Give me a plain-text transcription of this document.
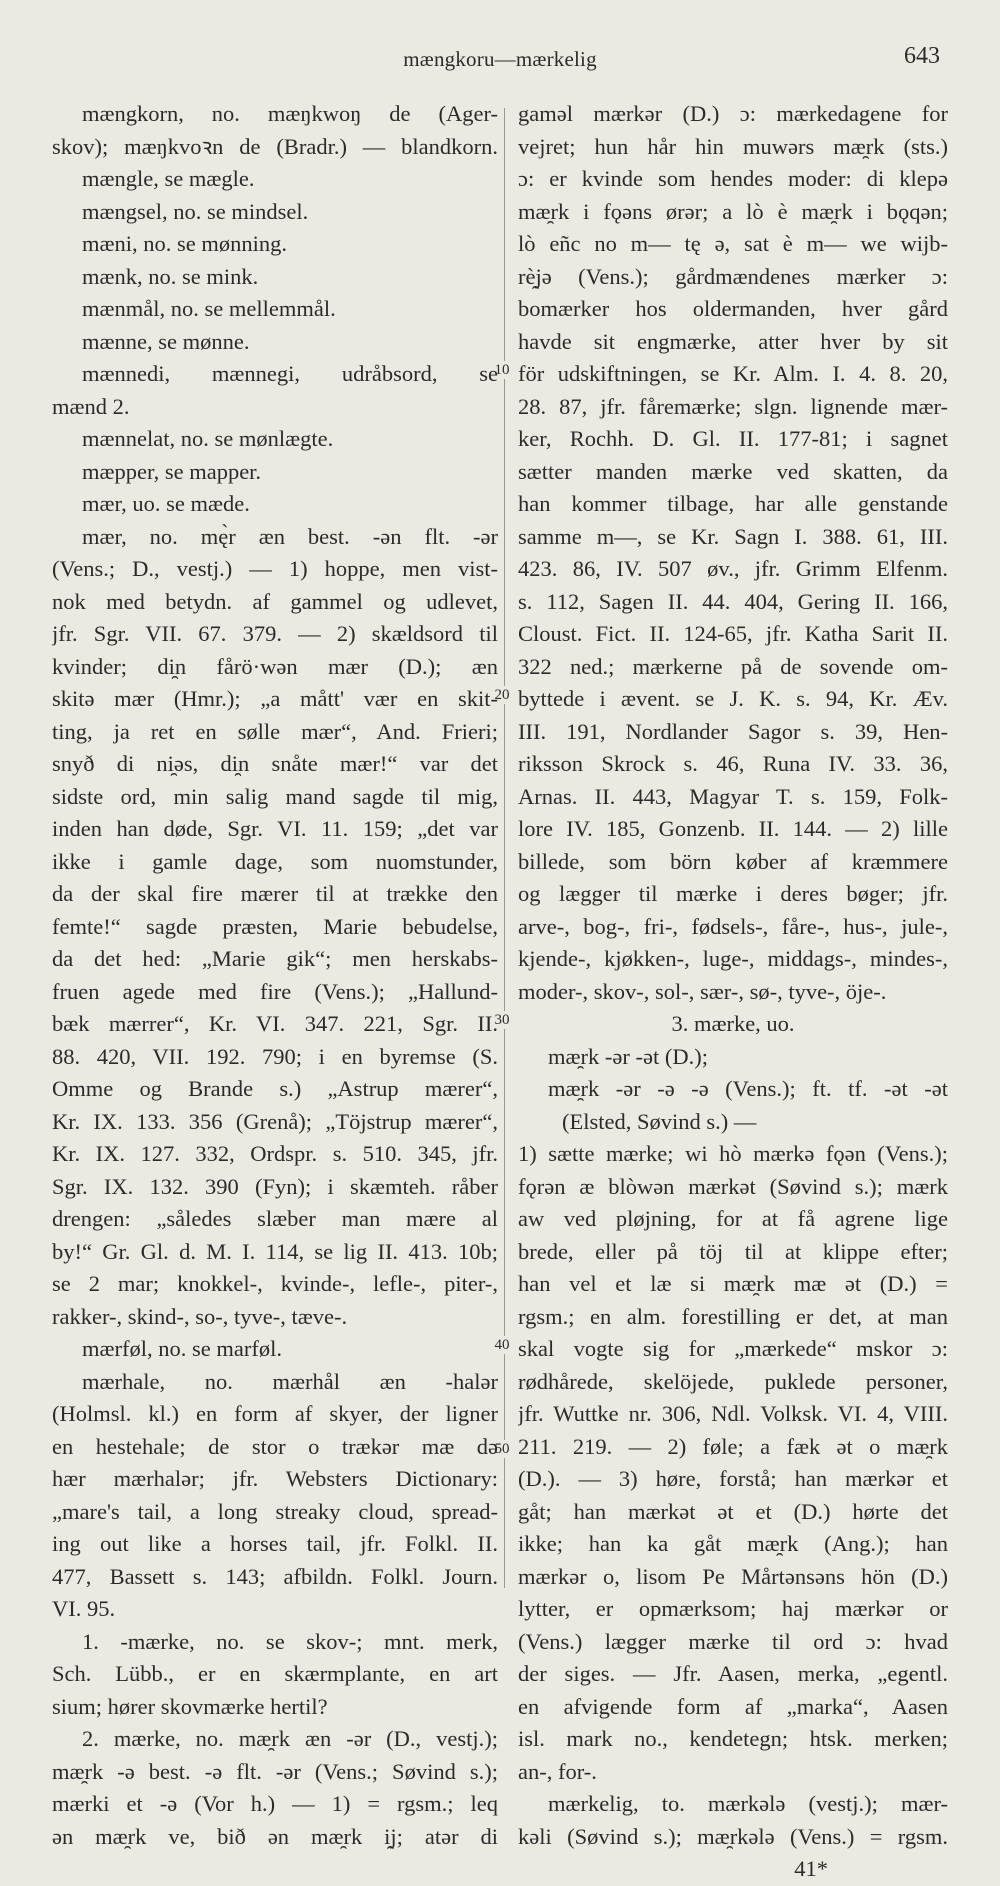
mængkoru—mærkelig	643
10
20
30
40
50
mængkorn, no. mæŋkwoŋ de (Ager-
skov); mæŋkvoꝛn de (Bradr.) — blandkorn.
mængle, se mægle.
mængsel, no. se mindsel.
mæni, no. se mønning.
mænk, no. se mink.
mænmål, no. se mellemmål.
mænne, se mønne.
mænnedi, mænnegi, udråbsord, se
mænd 2.
mænnelat, no. se mønlægte.
mæpper, se mapper.
mær, uo. se mæde.
mær, no. mę̀r æn best. -ən flt. -ər
(Vens.; D., vestj.) — 1) hoppe, men vist-
nok med betydn. af gammel og udlevet,
jfr. Sgr. VII. 67. 379. — 2) skældsord til
kvinder; di̯n fårö·wən mær (D.); æn
skitə mær (Hmr.); „a mått' vær en skit-
ting, ja ret en sølle mær“, And. Frieri;
snyð di ni̯əs, di̯n snåte mær!“ var det
sidste ord, min salig mand sagde til mig,
inden han døde, Sgr. VI. 11. 159; „det var
ikke i gamle dage, som nuomstunder,
da der skal fire mærer til at trække den
femte!“ sagde præsten, Marie bebudelse,
da det hed: „Marie gik“; men herskabs-
fruen agede med fire (Vens.); „Hallund-
bæk mærrer“, Kr. VI. 347. 221, Sgr. II.
88. 420, VII. 192. 790; i en byremse (S.
Omme og Brande s.) „Astrup mærer“,
Kr. IX. 133. 356 (Grenå); „Töjstrup mærer“,
Kr. IX. 127. 332, Ordspr. s. 510. 345, jfr.
Sgr. IX. 132. 390 (Fyn); i skæmteh. råber
drengen: „således slæber man mære al
by!“ Gr. Gl. d. M. I. 114, se lig II. 413. 10b;
se 2 mar; knokkel-, kvinde-, lefle-, piter-,
rakker-, skind-, so-, tyve-, tæve-.
mærføl, no. se marføl.
mærhale, no. mærhål æn -halər
(Holmsl. kl.) en form af skyer, der ligner
en hestehale; de stor o trækər mæ də
hær mærhalər; jfr. Websters Dictionary:
„mare's tail, a long streaky cloud, spread-
ing out like a horses tail, jfr. Folkl. II.
477, Bassett s. 143; afbildn. Folkl. Journ.
VI. 95.
1. -mærke, no. se skov-; mnt. merk,
Sch. Lübb., er en skærmplante, en art
sium; hører skovmærke hertil?
2. mærke, no. mæ̯rk æn -ər (D., vestj.);
mæ̯rk -ə best. -ə flt. -ər (Vens.; Søvind s.);
mærki et -ə (Vor h.) — 1) = rgsm.; leq
ən mæ̯rk ve, bið ən mæ̯rk i̯j; atər di
gaməl mærkər (D.) ɔ: mærkedagene for
vejret; hun hår hin muwərs mæ̯rk (sts.)
ɔ: er kvinde som hendes moder: di klepə
mæ̯rk i fǫəns ørər; a lò è mæ̯rk i bǫqən;
lò eñc no m— tę ə, sat è m— we wijb-
rè̯jə (Vens.); gårdmændenes mærker ɔ:
bomærker hos oldermanden, hver gård
havde sit engmærke, atter hver by sit
för udskiftningen, se Kr. Alm. I. 4. 8. 20,
28. 87, jfr. fåremærke; slgn. lignende mær-
ker, Rochh. D. Gl. II. 177-81; i sagnet
sætter manden mærke ved skatten, da
han kommer tilbage, har alle genstande
samme m—, se Kr. Sagn I. 388. 61, III.
423. 86, IV. 507 øv., jfr. Grimm Elfenm.
s. 112, Sagen II. 44. 404, Gering II. 166,
Cloust. Fict. II. 124-65, jfr. Katha Sarit II.
322 ned.; mærkerne på de sovende om-
byttede i ævent. se J. K. s. 94, Kr. Æv.
III. 191, Nordlander Sagor s. 39, Hen-
riksson Skrock s. 46, Runa IV. 33. 36,
Arnas. II. 443, Magyar T. s. 159, Folk-
lore IV. 185, Gonzenb. II. 144. — 2) lille
billede, som börn køber af kræmmere
og lægger til mærke i deres bøger; jfr.
arve-, bog-, fri-, fødsels-, fåre-, hus-, jule-,
kjende-, kjøkken-, luge-, middags-, mindes-,
moder-, skov-, sol-, sær-, sø-, tyve-, öje-.
3. mærke, uo.
mæ̯rk -ər -ət (D.);
mæ̯rk -ər -ə -ə (Vens.); ft. tf. -ət -ət
(Elsted, Søvind s.) —
1) sætte mærke; wi hò mærkə fǫən (Vens.);
fǫrən æ blòwən mærkət (Søvind s.); mærk
aw ved pløjning, for at få agrene lige
brede, eller på töj til at klippe efter;
han vel et læ si mæ̯rk mæ ət (D.) =
rgsm.; en alm. forestilling er det, at man
skal vogte sig for „mærkede“ mskor ɔ:
rødhårede, skelöjede, puklede personer,
jfr. Wuttke nr. 306, Ndl. Volksk. VI. 4, VIII.
211. 219. — 2) føle; a fæk ət o mæ̯rk
(D.). — 3) høre, forstå; han mærkər et
gåt; han mærkət ət et (D.) hørte det
ikke; han ka gåt mæ̯rk (Ang.); han
mærkər o, lisom Pe Mårtənsəns hön (D.)
lytter, er opmærksom; haj mærkər or
(Vens.) lægger mærke til ord ɔ: hvad
der siges. — Jfr. Aasen, merka, „egentl.
en afvigende form af „marka“, Aasen
isl. mark no., kendetegn; htsk. merken;
an-, for-.
mærkelig, to. mærkələ (vestj.); mær-
kəli (Søvind s.); mæ̯rkələ (Vens.) = rgsm.
41*
